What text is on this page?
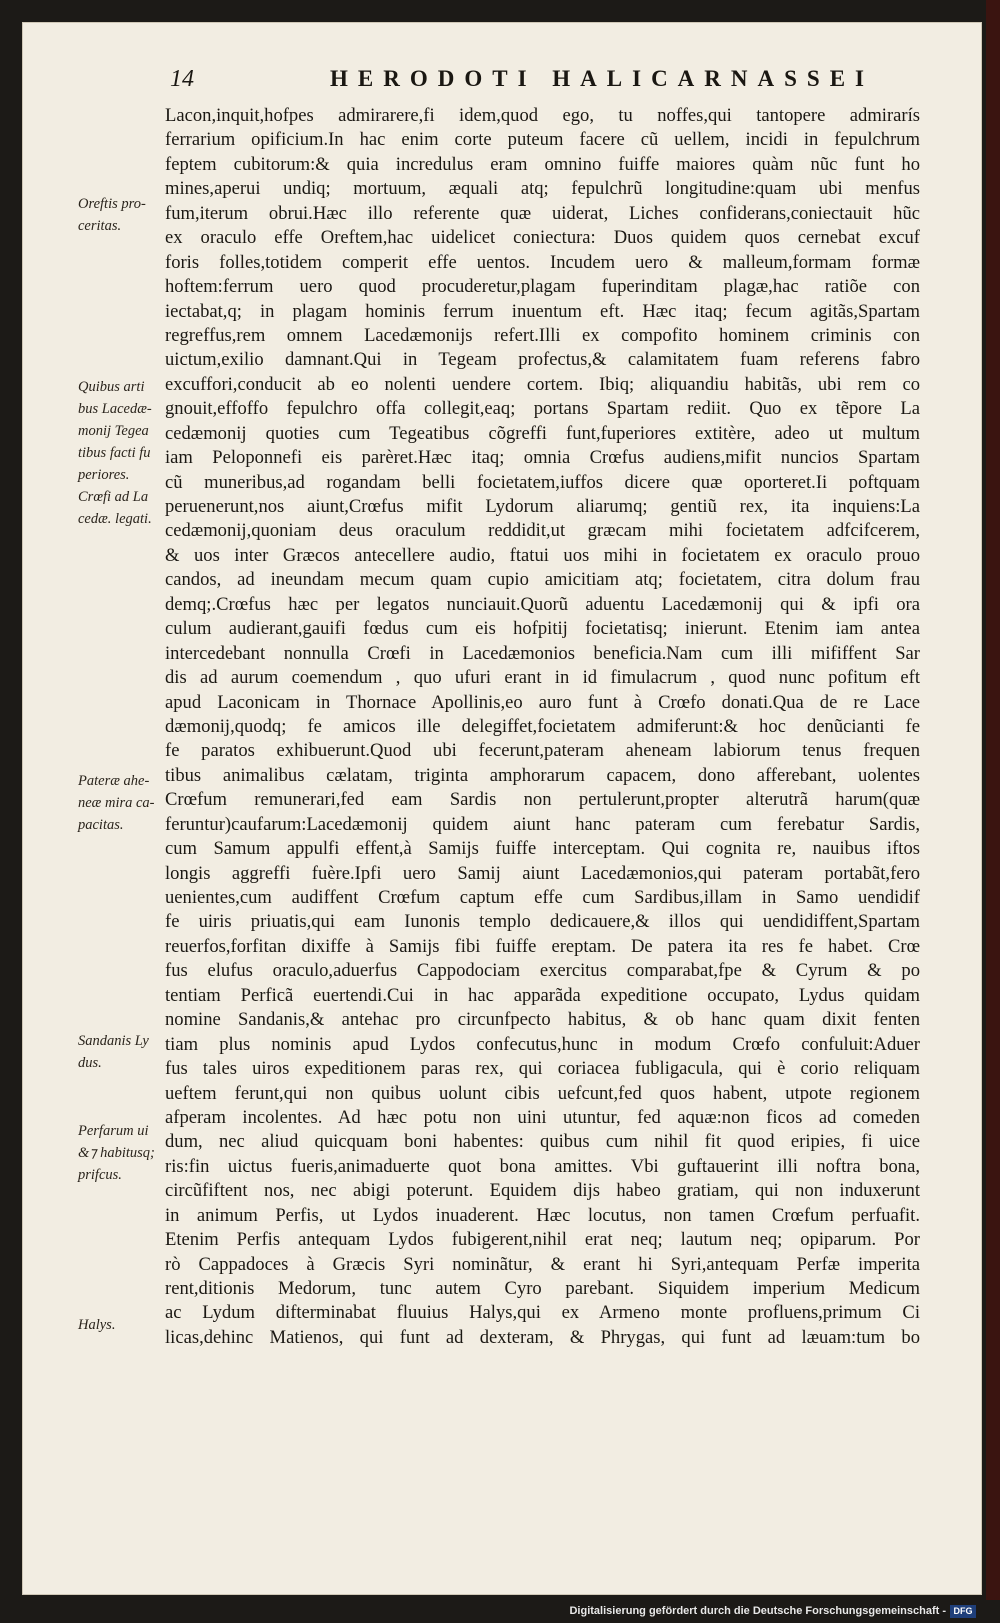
14	HERODOTI HALICARNASSEI
Lacon,inquit,hofpes admirarere,fi idem,quod ego, tu noffes,qui tantopere admirarís
ferrarium opificium.In hac enim corte puteum facere cũ uellem, incidi in fepulchrum
feptem cubitorum:& quia incredulus eram omnino fuiffe maiores quàm nũc funt ho
mines,aperui undiq; mortuum, æquali atq; fepulchrũ longitudine:quam ubi menfus
fum,iterum obrui.Hæc illo referente quæ uiderat, Liches confiderans,coniectauit hũc
ex oraculo effe Oreftem,hac uidelicet coniectura: Duos quidem quos cernebat excuf
foris folles,totidem comperit effe uentos. Incudem uero & malleum,formam formæ
hoftem:ferrum uero quod procuderetur,plagam fuperinditam plagæ,hac ratiõe con
iectabat,q; in plagam hominis ferrum inuentum eft. Hæc itaq; fecum agitãs,Spartam
regreffus,rem omnem Lacedæmonijs refert.Illi ex compofito hominem criminis con
uictum,exilio damnant.Qui in Tegeam profectus,& calamitatem fuam referens fabro
excuffori,conducit ab eo nolenti uendere cortem. Ibiq; aliquandiu habitãs, ubi rem co
gnouit,effoffo fepulchro offa collegit,eaq; portans Spartam rediit. Quo ex tẽpore La
cedæmonij quoties cum Tegeatibus cõgreffi funt,fuperiores extitère, adeo ut multum
iam Peloponnefi eis parèret.Hæc itaq; omnia Crœfus audiens,mifit nuncios Spartam
cũ muneribus,ad rogandam belli focietatem,iuffos dicere quæ oporteret.Ii poftquam
peruenerunt,nos aiunt,Crœfus mifit Lydorum aliarumq; gentiũ rex, ita inquiens:La
cedæmonij,quoniam deus oraculum reddidit,ut græcam mihi focietatem adfcifcerem,
& uos inter Græcos antecellere audio, ftatui uos mihi in focietatem ex oraculo prouo
candos, ad ineundam mecum quam cupio amicitiam atq; focietatem, citra dolum frau
demq;.Crœfus hæc per legatos nunciauit.Quorũ aduentu Lacedæmonij qui & ipfi ora
culum audierant,gauifi fœdus cum eis hofpitij focietatisq; inierunt. Etenim iam antea
intercedebant nonnulla Crœfi in Lacedæmonios beneficia.Nam cum illi mififfent Sar
dis ad aurum coemendum , quo ufuri erant in id fimulacrum , quod nunc pofitum eft
apud Laconicam in Thornace Apollinis,eo auro funt à Crœfo donati.Qua de re Lace
dæmonij,quodq; fe amicos ille delegiffet,focietatem admiferunt:& hoc denũcianti fe
fe paratos exhibuerunt.Quod ubi fecerunt,pateram aheneam labiorum tenus frequen
tibus animalibus cælatam, triginta amphorarum capacem, dono afferebant, uolentes
Crœfum remunerari,fed eam Sardis non pertulerunt,propter alterutrã harum(quæ
feruntur)caufarum:Lacedæmonij quidem aiunt hanc pateram cum ferebatur Sardis,
cum Samum appulfi effent,à Samijs fuiffe interceptam. Qui cognita re, nauibus iftos
longis aggreffi fuère.Ipfi uero Samij aiunt Lacedæmonios,qui pateram portabãt,fero
uenientes,cum audiffent Crœfum captum effe cum Sardibus,illam in Samo uendidif
fe uiris priuatis,qui eam Iunonis templo dedicauere,& illos qui uendidiffent,Spartam
reuerfos,forfitan dixiffe à Samijs fibi fuiffe ereptam. De patera ita res fe habet. Crœ
fus elufus oraculo,aduerfus Cappodociam exercitus comparabat,fpe & Cyrum & po
tentiam Perficã euertendi.Cui in hac apparãda expeditione occupato, Lydus quidam
nomine Sandanis,& antehac pro circunfpecto habitus, & ob hanc quam dixit fenten
tiam plus nominis apud Lydos confecutus,hunc in modum Crœfo confuluit:Aduer
fus tales uiros expeditionem paras rex, qui coriacea fubligacula, qui è corio reliquam
ueftem ferunt,qui non quibus uolunt cibis uefcunt,fed quos habent, utpote regionem
afperam incolentes. Ad hæc potu non uini utuntur, fed aquæ:non ficos ad comeden
dum, nec aliud quicquam boni habentes: quibus cum nihil fit quod eripies, fi uice
ris:fin uictus fueris,animaduerte quot bona amittes. Vbi guftauerint illi noftra bona,
circũfiftent nos, nec abigi poterunt. Equidem dijs habeo gratiam, qui non induxerunt
in animum Perfis, ut Lydos inuaderent. Hæc locutus, non tamen Crœfum perfuafit.
Etenim Perfis antequam Lydos fubigerent,nihil erat neq; lautum neq; opiparum. Por
rò Cappadoces à Græcis Syri nominãtur, & erant hi Syri,antequam Perfæ imperita
rent,ditionis Medorum, tunc autem Cyro parebant. Siquidem imperium Medicum
ac Lydum difterminabat fluuius Halys,qui ex Armeno monte profluens,primum Ci
licas,dehinc Matienos, qui funt ad dexteram, & Phrygas, qui funt ad læuam:tum bo
Oreftis pro-
ceritas.
Quibus arti
bus Lacedæ-
monij Tegea
tibus facti fu
periores.
Crœfi ad La
cedæ. legati.
Pateræ ahe-
neæ mira ca-
pacitas.
Sandanis Ly
dus.
Perfarum ui
&⁊ habitusq;
prifcus.
Halys.
Digitalisierung gefördert durch die Deutsche Forschungsgemeinschaft - DFG
